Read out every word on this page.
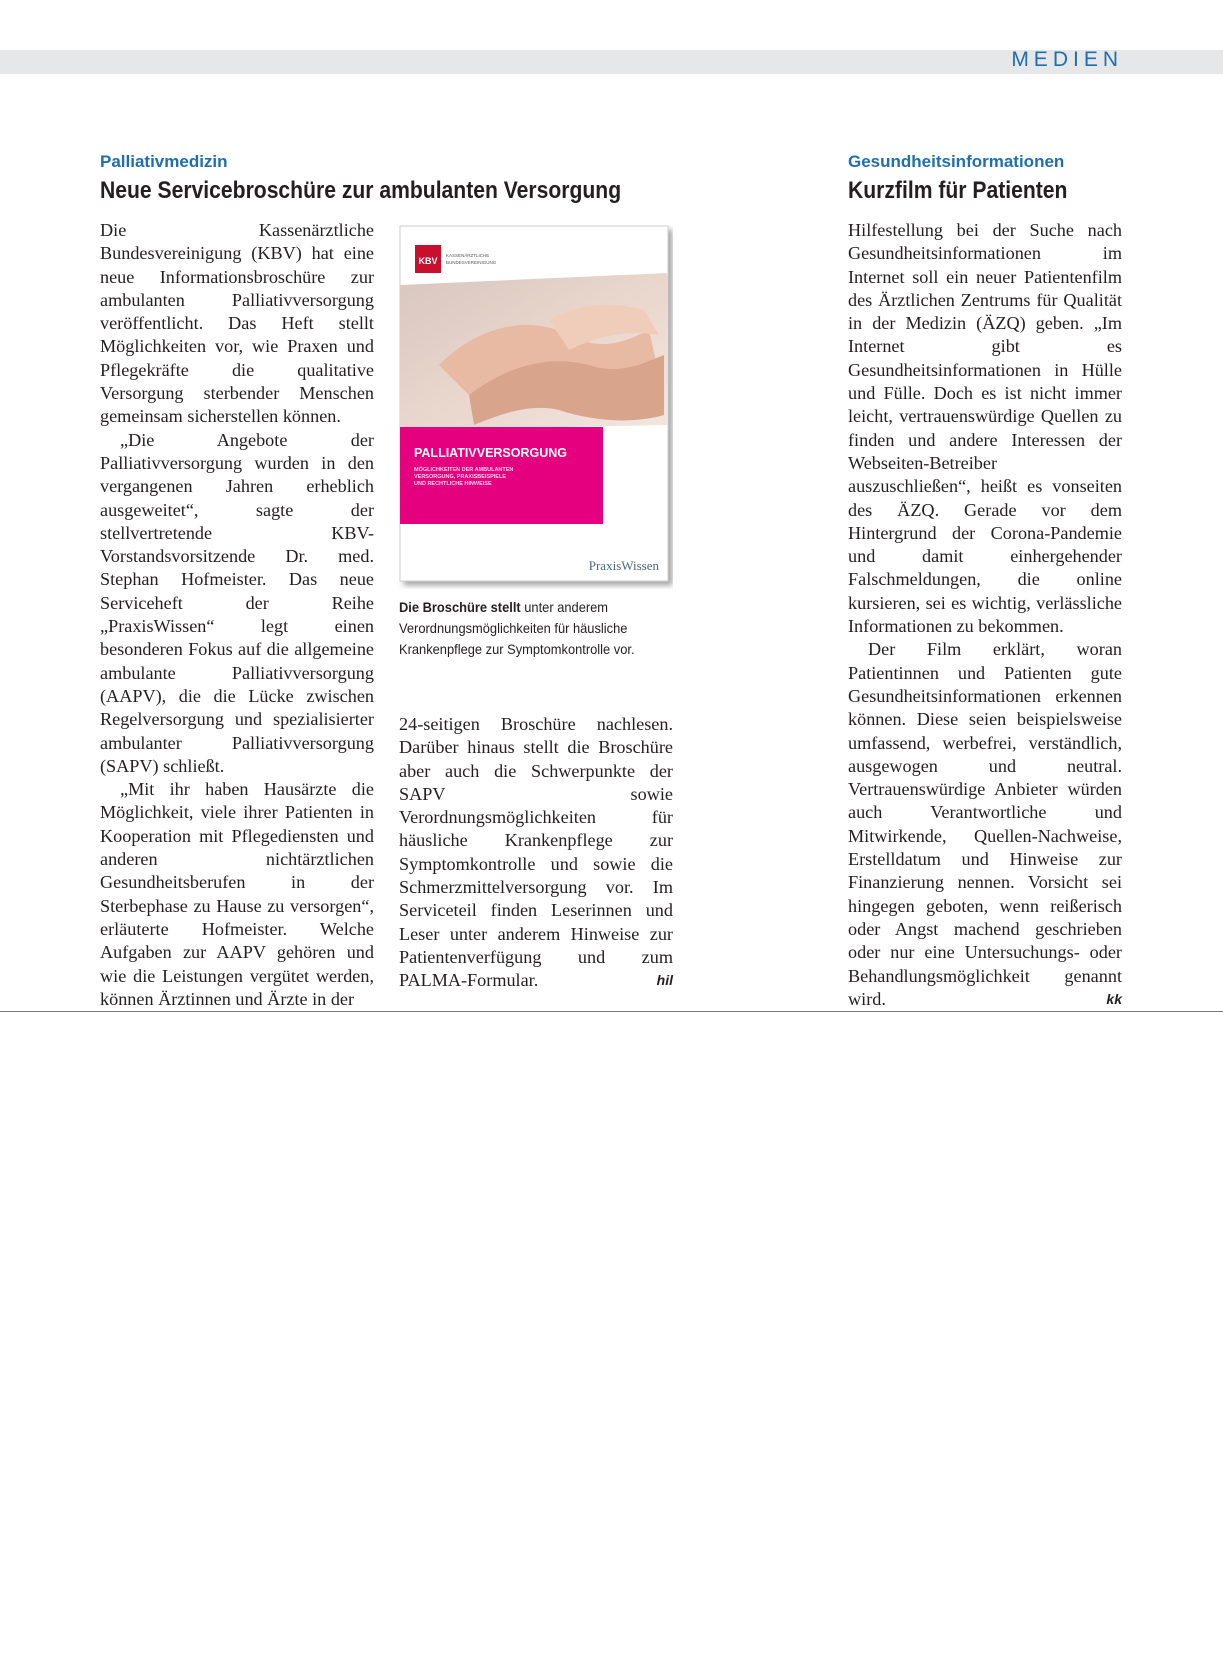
MEDIEN
Palliativmedizin
Neue Servicebroschüre zur ambulanten Versorgung

Die Kassenärztliche Bundesvereinigung (KBV) hat eine neue Informationsbroschüre zur ambulanten Palliativversorgung veröffentlicht. Das Heft stellt Möglichkeiten vor, wie Praxen und Pflegekräfte die qualitative Versorgung sterbender Menschen gemeinsam sicherstellen können.

„Die Angebote der Palliativversorgung wurden in den vergangenen Jahren erheblich ausgeweitet“, sagte der stellvertretende KBV-Vorstandsvorsitzende Dr. med. Stephan Hofmeister. Das neue Serviceheft der Reihe „PraxisWissen“ legt einen besonderen Fokus auf die allgemeine ambulante Palliativversorgung (AAPV), die die Lücke zwischen Regelversorgung und spezialisierter ambulanter Palliativversorgung (SAPV) schließt.

„Mit ihr haben Hausärzte die Möglichkeit, viele ihrer Patienten in Kooperation mit Pflegediensten und anderen nichtärztlichen Gesundheitsberufen in der Sterbephase zu Hause zu versorgen“, erläuterte Hofmeister. Welche Aufgaben zur AAPV gehören und wie die Leistungen vergütet werden, können Ärztinnen und Ärzte in der

KBV
KASSENÄRZTLICHE
BUNDESVEREINIGUNG
PALLIATIVVERSORGUNG
MÖGLICHKEITEN DER AMBULANTEN
VERSORGUNG, PRAXISBEISPIELE
UND RECHTLICHE HINWEISE
PraxisWissen
Die Broschüre stellt unter anderem Verordnungsmöglichkeiten für häusliche Krankenpflege zur Symptomkontrolle vor.

24-seitigen Broschüre nachlesen. Darüber hinaus stellt die Broschüre aber auch die Schwerpunkte der SAPV sowie Verordnungsmöglichkeiten für häusliche Krankenpflege zur Symptomkontrolle und sowie die Schmerzmittelversorgung vor. Im Serviceteil finden Leserinnen und Leser unter anderem Hinweise zur Patientenverfügung und zum PALMA-Formular.	hil

Gesundheitsinformationen
Kurzfilm für Patienten

Hilfestellung bei der Suche nach Gesundheitsinformationen im Internet soll ein neuer Patientenfilm des Ärztlichen Zentrums für Qualität in der Medizin (ÄZQ) geben. „Im Internet gibt es Gesundheitsinformationen in Hülle und Fülle. Doch es ist nicht immer leicht, vertrauenswürdige Quellen zu finden und andere Interessen der Webseiten-Betreiber auszuschließen“, heißt es vonseiten des ÄZQ. Gerade vor dem Hintergrund der Corona-Pandemie und damit einhergehender Falschmeldungen, die online kursieren, sei es wichtig, verlässliche Informationen zu bekommen.

Der Film erklärt, woran Patientinnen und Patienten gute Gesundheitsinformationen erkennen können. Diese seien beispielsweise umfassend, werbefrei, verständlich, ausgewogen und neutral. Vertrauenswürdige Anbieter würden auch Verantwortliche und Mitwirkende, Quellen-Nachweise, Erstelldatum und Hinweise zur Finanzierung nennen. Vorsicht sei hingegen geboten, wenn reißerisch oder Angst machend geschrieben oder nur eine Untersuchungs- oder Behandlungsmöglichkeit genannt wird.	kk
